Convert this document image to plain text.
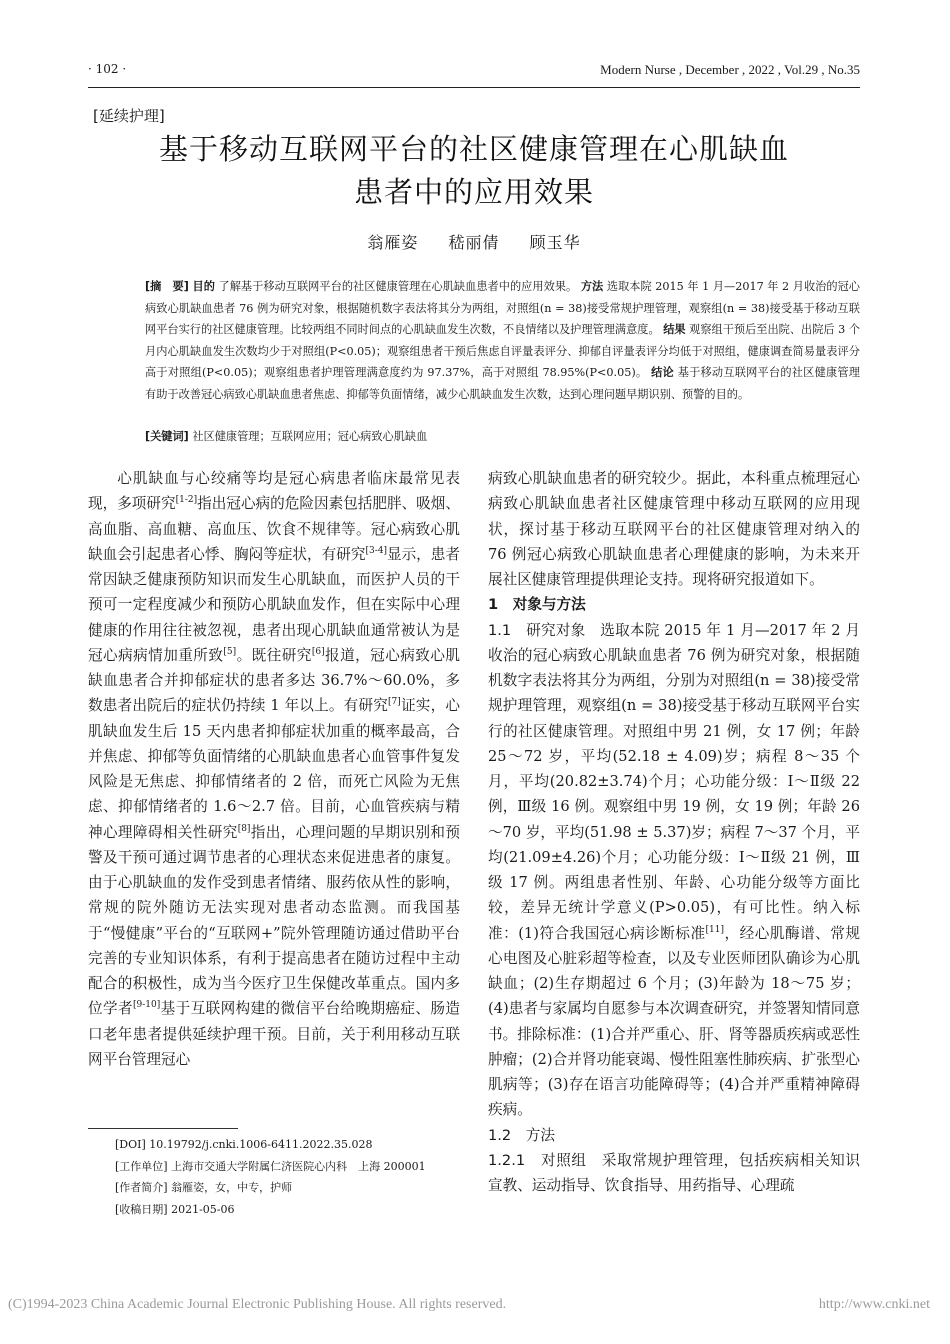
· 102 ·	Modern Nurse , December , 2022 , Vol.29 , No.35
[延续护理]
基于移动互联网平台的社区健康管理在心肌缺血
患者中的应用效果
翁雁姿 嵇丽倩 顾玉华
[摘　要] 目的 了解基于移动互联网平台的社区健康管理在心肌缺血患者中的应用效果。 方法 选取本院 2015 年 1 月—2017 年 2 月收治的冠心病致心肌缺血患者 76 例为研究对象，根据随机数字表法将其分为两组，对照组(n = 38)接受常规护理管理，观察组(n = 38)接受基于移动互联网平台实行的社区健康管理。比较两组不同时间点的心肌缺血发生次数，不良情绪以及护理管理满意度。 结果 观察组干预后至出院、出院后 3 个月内心肌缺血发生次数均少于对照组(P<0.05)；观察组患者干预后焦虑自评量表评分、抑郁自评量表评分均低于对照组，健康调查简易量表评分高于对照组(P<0.05)；观察组患者护理管理满意度约为 97.37%，高于对照组 78.95%(P<0.05)。 结论 基于移动互联网平台的社区健康管理有助于改善冠心病致心肌缺血患者焦虑、抑郁等负面情绪，减少心肌缺血发生次数，达到心理问题早期识别、预警的目的。
[关键词] 社区健康管理；互联网应用；冠心病致心肌缺血

心肌缺血与心绞痛等均是冠心病患者临床最常见表现，多项研究[1-2]指出冠心病的危险因素包括肥胖、吸烟、高血脂、高血糖、高血压、饮食不规律等。冠心病致心肌缺血会引起患者心悸、胸闷等症状，有研究[3-4]显示，患者常因缺乏健康预防知识而发生心肌缺血，而医护人员的干预可一定程度减少和预防心肌缺血发作，但在实际中心理健康的作用往往被忽视，患者出现心肌缺血通常被认为是冠心病病情加重所致[5]。既往研究[6]报道，冠心病致心肌缺血患者合并抑郁症状的患者多达 36.7%～60.0%，多数患者出院后的症状仍持续 1 年以上。有研究[7]证实，心肌缺血发生后 15 天内患者抑郁症状加重的概率最高，合并焦虑、抑郁等负面情绪的心肌缺血患者心血管事件复发风险是无焦虑、抑郁情绪者的 2 倍，而死亡风险为无焦虑、抑郁情绪者的 1.6～2.7 倍。目前，心血管疾病与精神心理障碍相关性研究[8]指出，心理问题的早期识别和预警及干预可通过调节患者的心理状态来促进患者的康复。由于心肌缺血的发作受到患者情绪、服药依从性的影响，常规的院外随访无法实现对患者动态监测。而我国基于“慢健康”平台的“互联网+”院外管理随访通过借助平台完善的专业知识体系，有利于提高患者在随访过程中主动配合的积极性，成为当今医疗卫生保健改革重点。国内多位学者[9-10]基于互联网构建的微信平台给晚期癌症、肠造口老年患者提供延续护理干预。目前，关于利用移动互联网平台管理冠心

病致心肌缺血患者的研究较少。据此，本科重点梳理冠心病致心肌缺血患者社区健康管理中移动互联网的应用现状，探讨基于移动互联网平台的社区健康管理对纳入的 76 例冠心病致心肌缺血患者心理健康的影响，为未来开展社区健康管理提供理论支持。现将研究报道如下。

1　对象与方法

1.1　研究对象　 选取本院 2015 年 1 月—2017 年 2 月收治的冠心病致心肌缺血患者 76 例为研究对象，根据随机数字表法将其分为两组，分别为对照组(n = 38)接受常规护理管理，观察组(n = 38)接受基于移动互联网平台实行的社区健康管理。对照组中男 21 例，女 17 例；年龄 25～72 岁，平均(52.18 ± 4.09)岁；病程 8～35 个月，平均(20.82±3.74)个月；心功能分级：Ⅰ～Ⅱ级 22 例，Ⅲ级 16 例。观察组中男 19 例，女 19 例；年龄 26～70 岁，平均(51.98 ± 5.37)岁；病程 7～37 个月，平均(21.09±4.26)个月；心功能分级：Ⅰ～Ⅱ级 21 例，Ⅲ级 17 例。两组患者性别、年龄、心功能分级等方面比较，差异无统计学意义(P>0.05)，有可比性。纳入标准：(1)符合我国冠心病诊断标准[11]，经心肌酶谱、常规心电图及心脏彩超等检查，以及专业医师团队确诊为心肌缺血；(2)生存期超过 6 个月；(3)年龄为 18～75 岁；(4)患者与家属均自愿参与本次调查研究，并签署知情同意书。排除标准：(1)合并严重心、肝、肾等器质疾病或恶性肿瘤；(2)合并肾功能衰竭、慢性阻塞性肺疾病、扩张型心肌病等；(3)存在语言功能障碍等；(4)合并严重精神障碍疾病。

1.2　方法

1.2.1　对照组　 采取常规护理管理，包括疾病相关知识宣教、运动指导、饮食指导、用药指导、心理疏

[DOI] 10.19792/j.cnki.1006-6411.2022.35.028
[工作单位] 上海市交通大学附属仁济医院心内科　上海 200001
[作者简介] 翁雁姿，女，中专，护师
[收稿日期] 2021-05-06
(C)1994-2023 China Academic Journal Electronic Publishing House. All rights reserved.	http://www.cnki.net
